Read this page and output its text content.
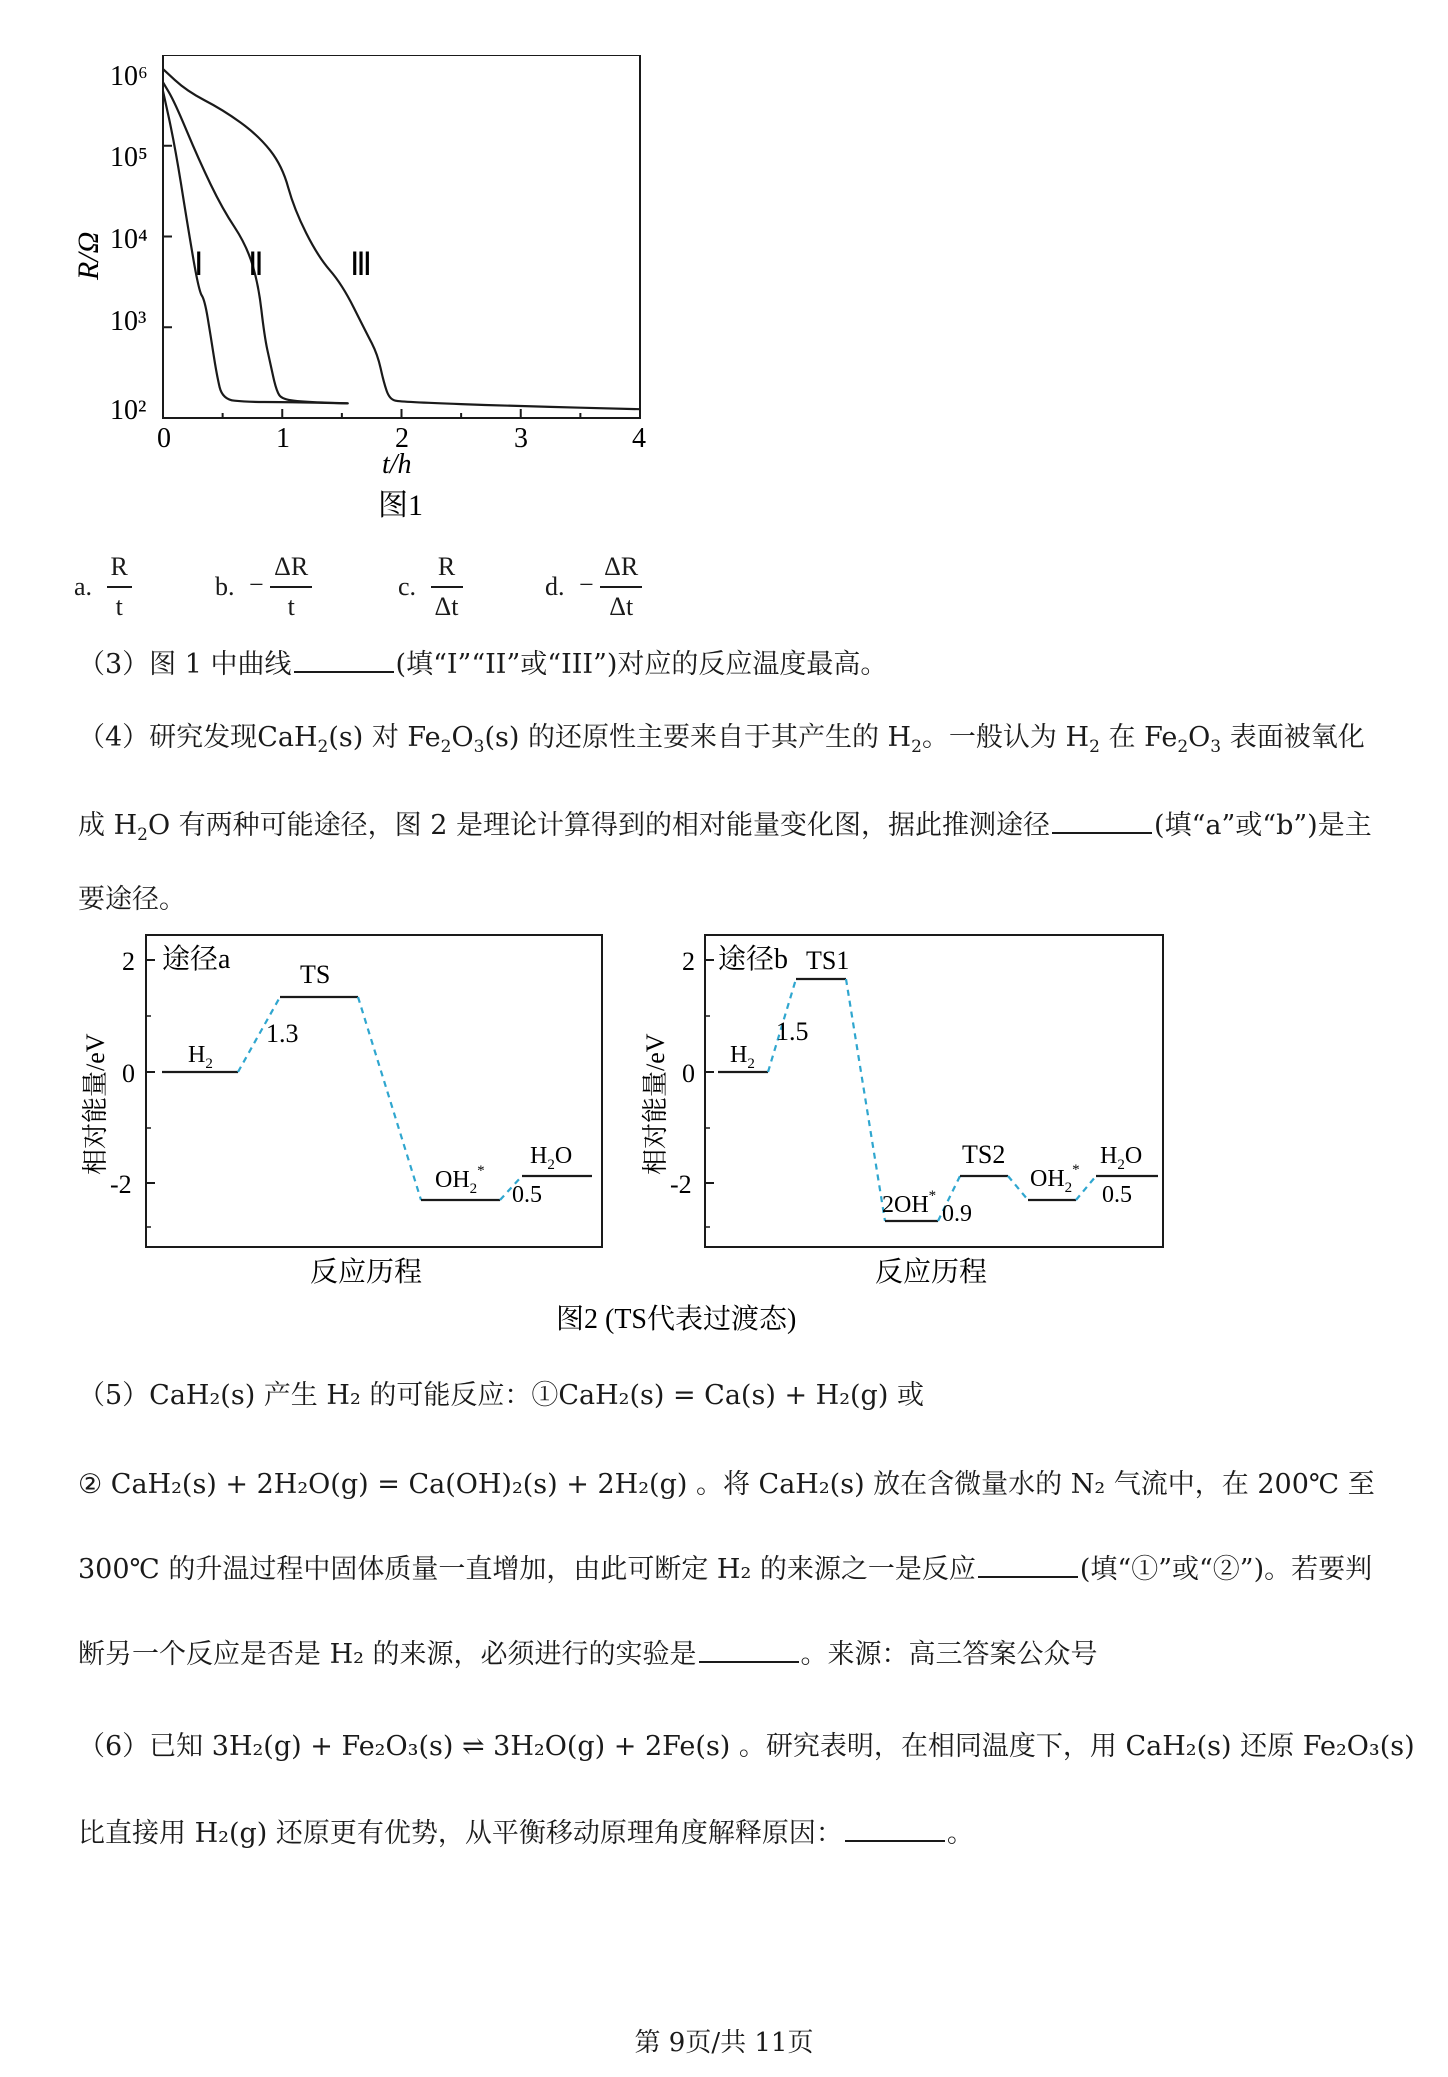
10⁶
10⁵
10⁴
10³
10²
0	1	2	3	4
R/Ω
t/h
Ⅰ Ⅱ	Ⅲ
图1
a. $\frac{R}{t}$	b. − $\frac{\Delta R}{t}$	c. $\frac{R}{\Delta t}$	d. − $\frac{\Delta R}{\Delta t}$
（3）图 1 中曲线	(填“I”“II”或“III”)对应的反应温度最高。
（4）研究发现CaH$_2$(s) 对 $Fe_2O_3(s)$ 的还原性主要来自于其产生的 $H_2$。一般认为 $H_2$ 在 $Fe_2O_3$ 表面被氧化
成 $H_2O$ 有两种可能途径，图 2 是理论计算得到的相对能量变化图，据此推测途径	(填“a”或“b”)是主
要途径。
2
0
-2
相对能量/eV
反应历程
途径a
$H_2$
TS
1.3
$OH_2^*$
$H_2O$
0.5
2
0
-2
相对能量/eV
反应历程
途径b
$H_2$
TS1
1.5
2OH*
0.9
TS2
$OH_2^*$
$H_2O$
0.5
图2 (TS代表过渡态)
（5）CaH₂(s) 产生 H₂ 的可能反应：①CaH₂(s) = Ca(s) + H₂(g) 或
② CaH₂(s) + 2H₂O(g) = Ca(OH)₂(s) + 2H₂(g) 。将 CaH₂(s) 放在含微量水的 N₂ 气流中，在 200℃ 至
300℃ 的升温过程中固体质量一直增加，由此可断定 H₂ 的来源之一是反应	(填“①”或“②”)。若要判
断另一个反应是否是 H₂ 的来源，必须进行的实验是	。来源：高三答案公众号
（6）已知 3H₂(g) + Fe₂O₃(s) ⇌ 3H₂O(g) + 2Fe(s) 。研究表明，在相同温度下，用 CaH₂(s) 还原 Fe₂O₃(s)
比直接用 H₂(g) 还原更有优势，从平衡移动原理角度解释原因：	。
第 9页/共 11页
